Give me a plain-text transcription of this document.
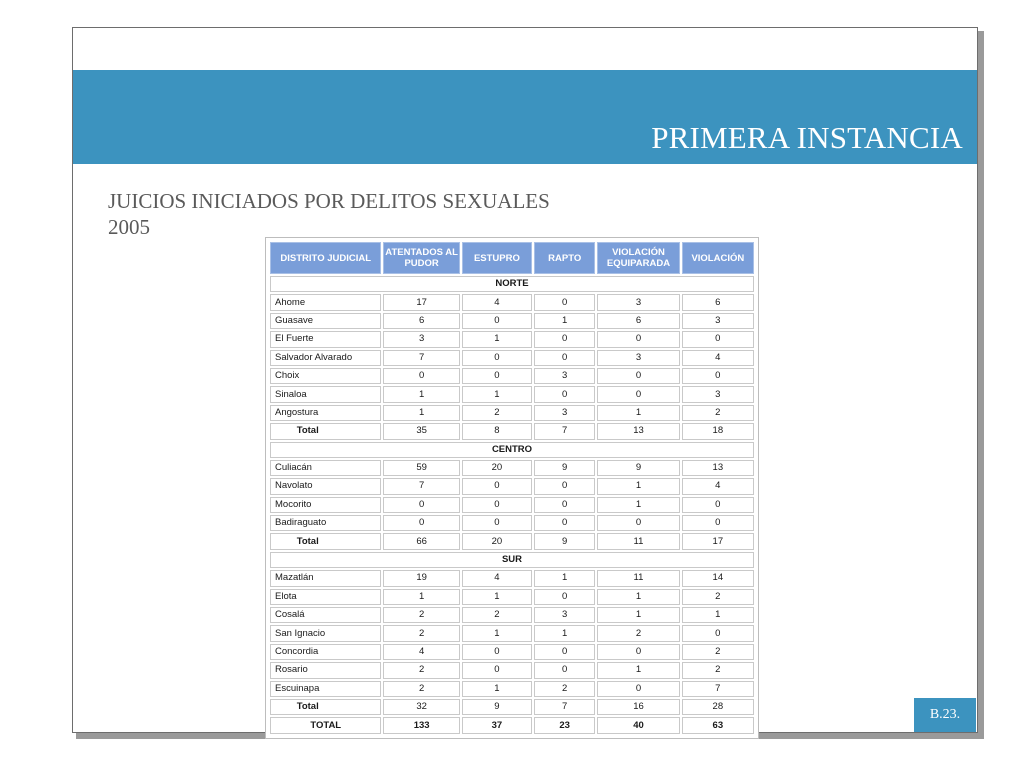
PRIMERA INSTANCIA
JUICIOS INICIADOS POR DELITOS SEXUALES
2005
DISTRITO JUDICIAL	ATENTADOS AL PUDOR	ESTUPRO	RAPTO	VIOLACIÓN EQUIPARADA	VIOLACIÓN
NORTE					
Ahome	17	4	0	3	6
Guasave	6	0	1	6	3
El Fuerte	3	1	0	0	0
Salvador Alvarado	7	0	0	3	4
Choix	0	0	3	0	0
Sinaloa	1	1	0	0	3
Angostura	1	2	3	1	2
Total	35	8	7	13	18
CENTRO					
Culiacán	59	20	9	9	13
Navolato	7	0	0	1	4
Mocorito	0	0	0	1	0
Badiraguato	0	0	0	0	0
Total	66	20	9	11	17
SUR					
Mazatlán	19	4	1	11	14
Elota	1	1	0	1	2
Cosalá	2	2	3	1	1
San Ignacio	2	1	1	2	0
Concordia	4	0	0	0	2
Rosario	2	0	0	1	2
Escuinapa	2	1	2	0	7
Total	32	9	7	16	28
TOTAL	133	37	23	40	63
B.23.
